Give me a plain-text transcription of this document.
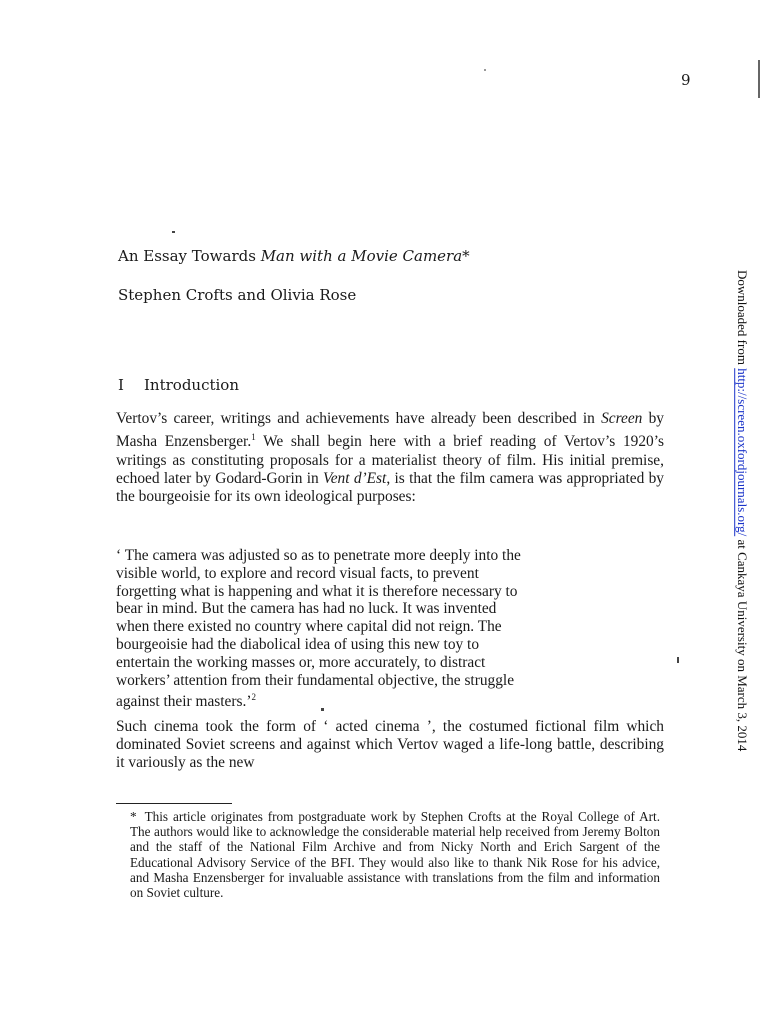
9
An Essay Towards Man with a Movie Camera*
Stephen Crofts and Olivia Rose
I Introduction
Vertov’s career, writings and achievements have already been described in Screen by Masha Enzensberger.$^1$ We shall begin here with a brief reading of Vertov’s 1920’s writings as constituting proposals for a materialist theory of film. His initial premise, echoed later by Godard-Gorin in Vent d’Est, is that the film camera was appropriated by the bourgeoisie for its own ideological purposes:
‘ The camera was adjusted so as to penetrate more deeply into the
visible world, to explore and record visual facts, to prevent
forgetting what is happening and what it is therefore necessary to
bear in mind. But the camera has had no luck. It was invented
when there existed no country where capital did not reign. The
bourgeoisie had the diabolical idea of using this new toy to
entertain the working masses or, more accurately, to distract
workers’ attention from their fundamental objective, the struggle
against their masters.’$^2$
Such cinema took the form of ‘ acted cinema ’, the costumed fictional film which dominated Soviet screens and against which Vertov waged a life-long battle, describing it variously as the new
* This article originates from postgraduate work by Stephen Crofts at the Royal College of Art. The authors would like to acknowledge the considerable material help received from Jeremy Bolton and the staff of the National Film Archive and from Nicky North and Erich Sargent of the Educational Advisory Service of the BFI. They would also like to thank Nik Rose for his advice, and Masha Enzensberger for invaluable assistance with translations from the film and information on Soviet culture.
Downloaded from http://screen.oxfordjournals.org/ at Cankaya University on March 3, 2014
